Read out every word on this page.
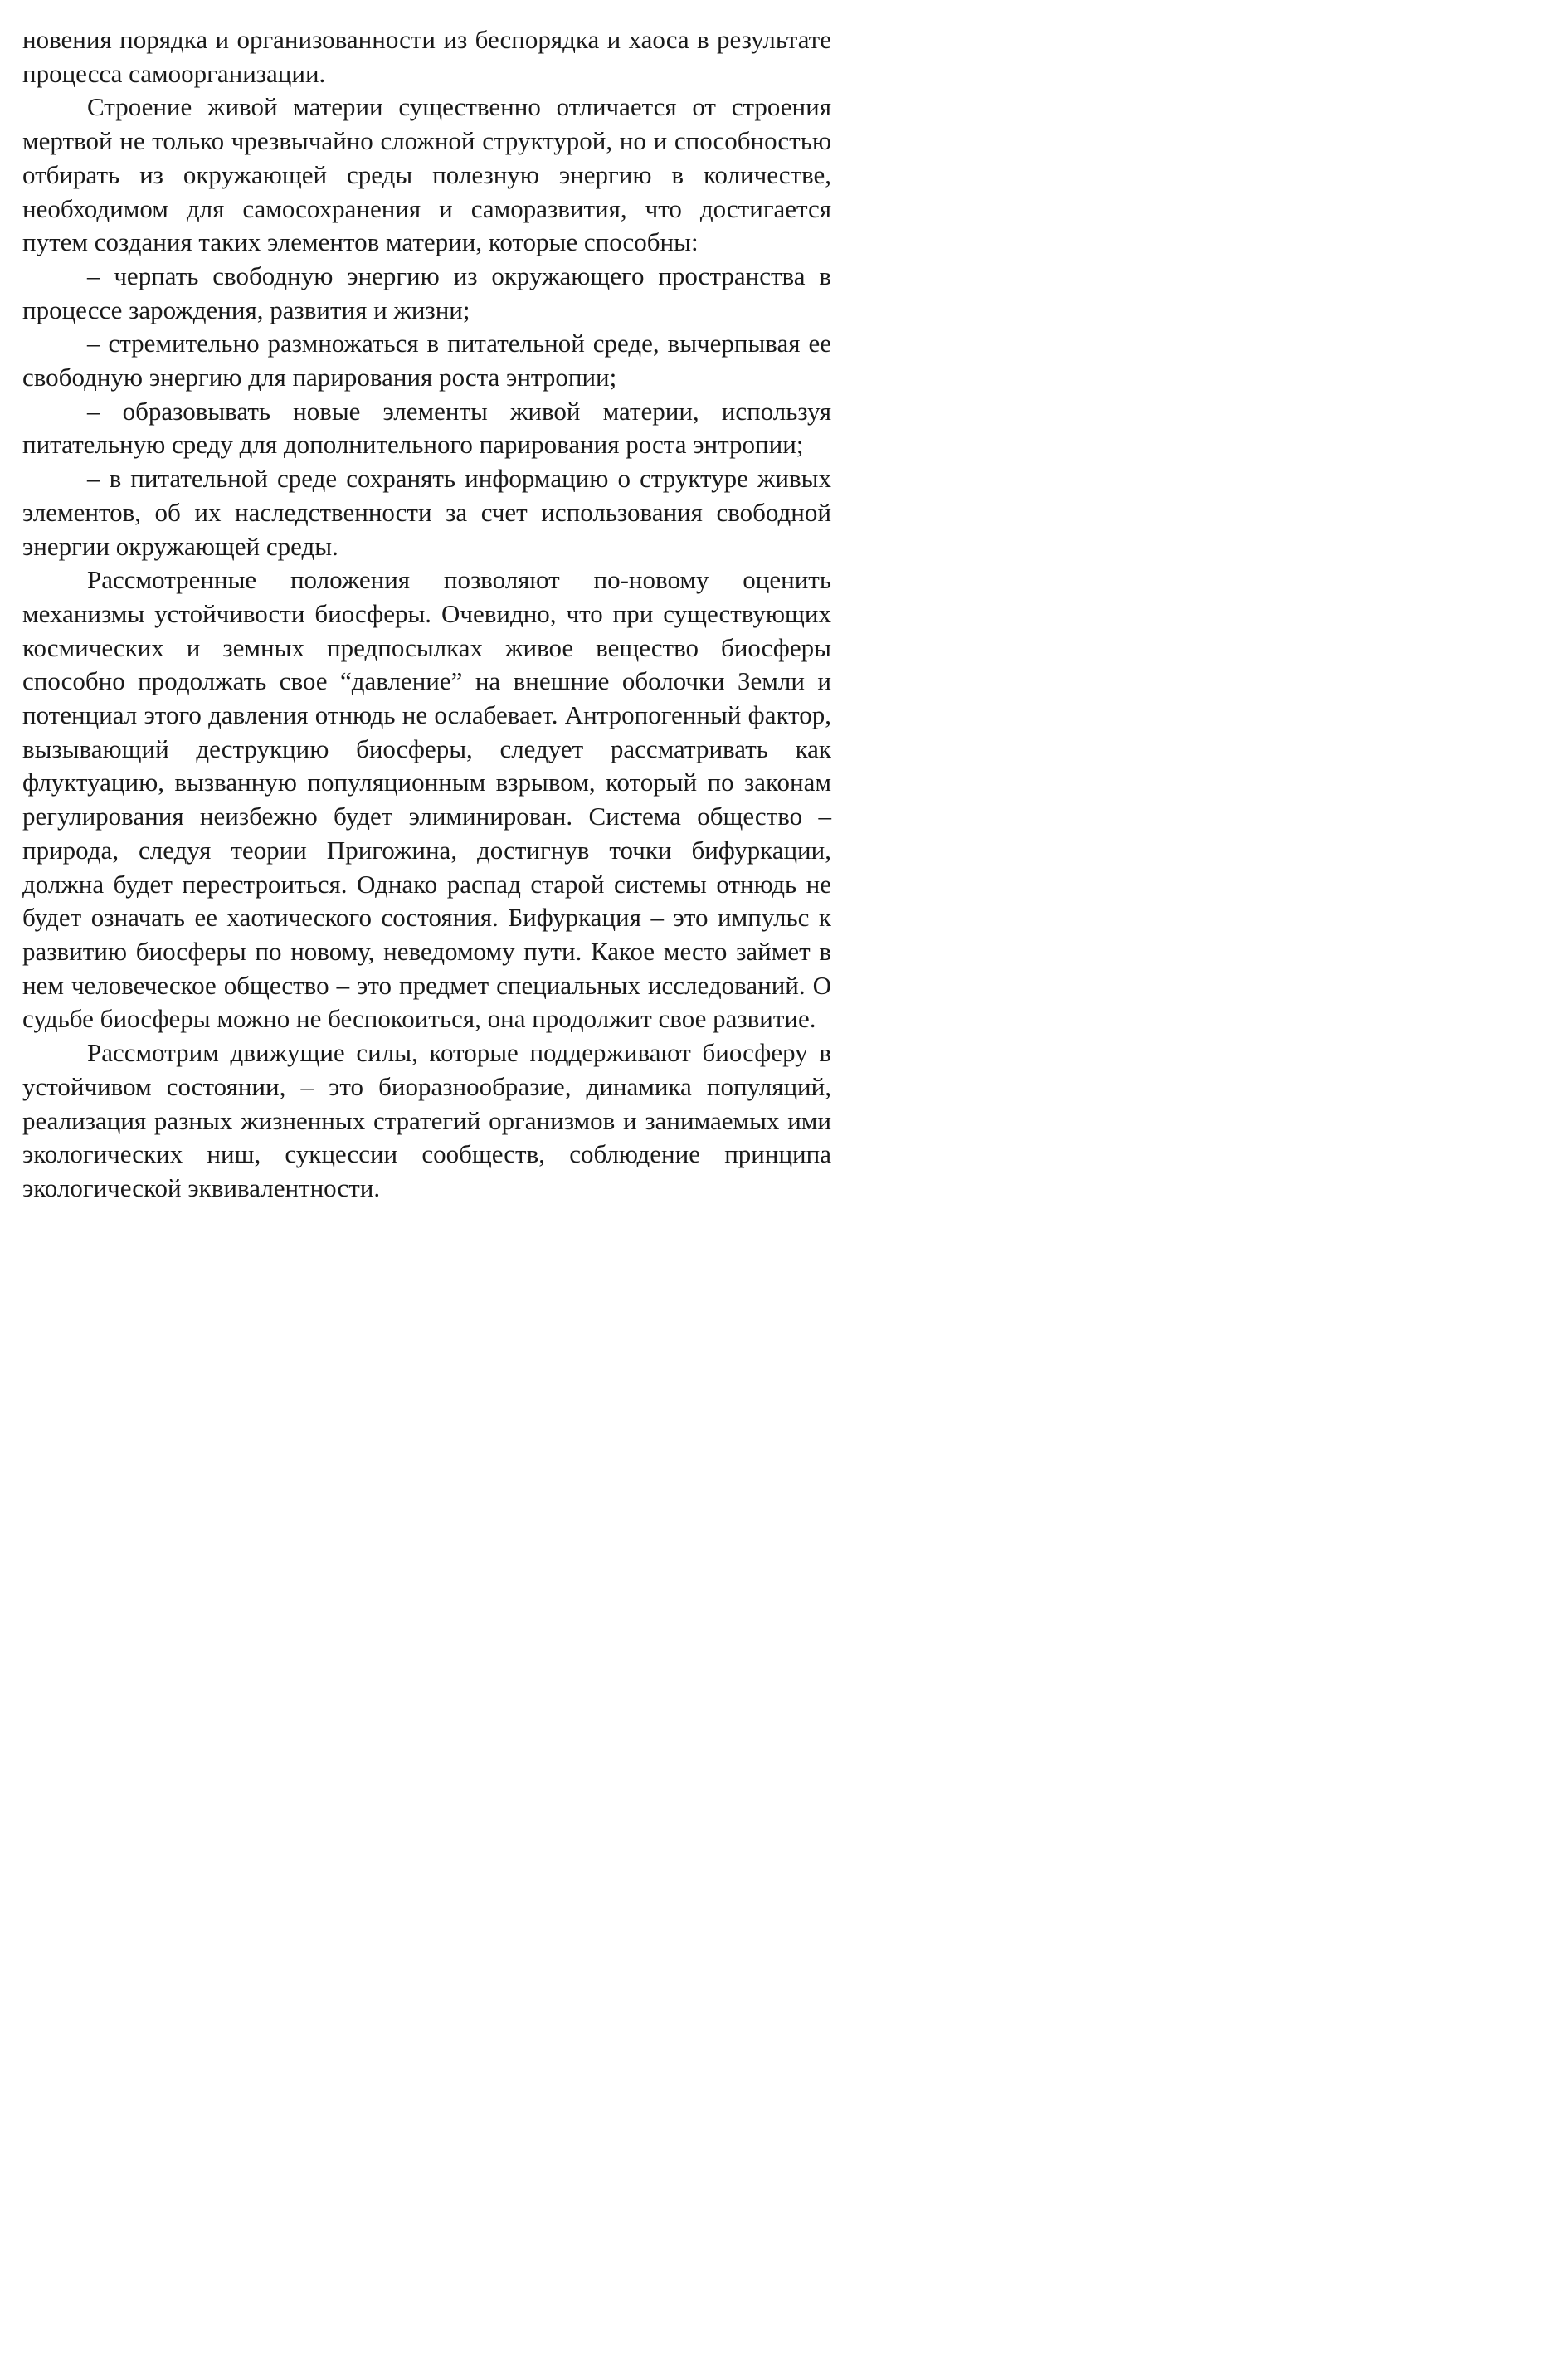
новения порядка и организованности из беспорядка и хаоса в результате процесса самоорганизации.

Строение живой материи существенно отличается от строения мертвой не только чрезвычайно сложной структурой, но и способностью отбирать из окружающей среды полезную энергию в количестве, необходимом для самосохранения и саморазвития, что достигается путем создания таких элементов материи, которые способны:

– черпать свободную энергию из окружающего пространства в процессе зарождения, развития и жизни;

– стремительно размножаться в питательной среде, вычерпывая ее свободную энергию для парирования роста энтропии;

– образовывать новые элементы живой материи, используя питательную среду для дополнительного парирования роста энтропии;

– в питательной среде сохранять информацию о структуре живых элементов, об их наследственности за счет использования свободной энергии окружающей среды.

Рассмотренные положения позволяют по-новому оценить механизмы устойчивости биосферы. Очевидно, что при существующих космических и земных предпосылках живое вещество биосферы способно продолжать свое “давление” на внешние оболочки Земли и потенциал этого давления отнюдь не ослабевает. Антропогенный фактор, вызывающий деструкцию биосферы, следует рассматривать как флуктуацию, вызванную популяционным взрывом, который по законам регулирования неизбежно будет элиминирован. Система общество – природа, следуя теории Пригожина, достигнув точки бифуркации, должна будет перестроиться. Однако распад старой системы отнюдь не будет означать ее хаотического состояния. Бифуркация – это импульс к развитию биосферы по новому, неведомому пути. Какое место займет в нем человеческое общество – это предмет специальных исследований. О судьбе биосферы можно не беспокоиться, она продолжит свое развитие.

Рассмотрим движущие силы, которые поддерживают биосферу в устойчивом состоянии, – это биоразнообразие, динамика популяций, реализация разных жизненных стратегий организмов и занимаемых ими экологических ниш, сукцессии сообществ, соблюдение принципа экологической эквивалентности.
